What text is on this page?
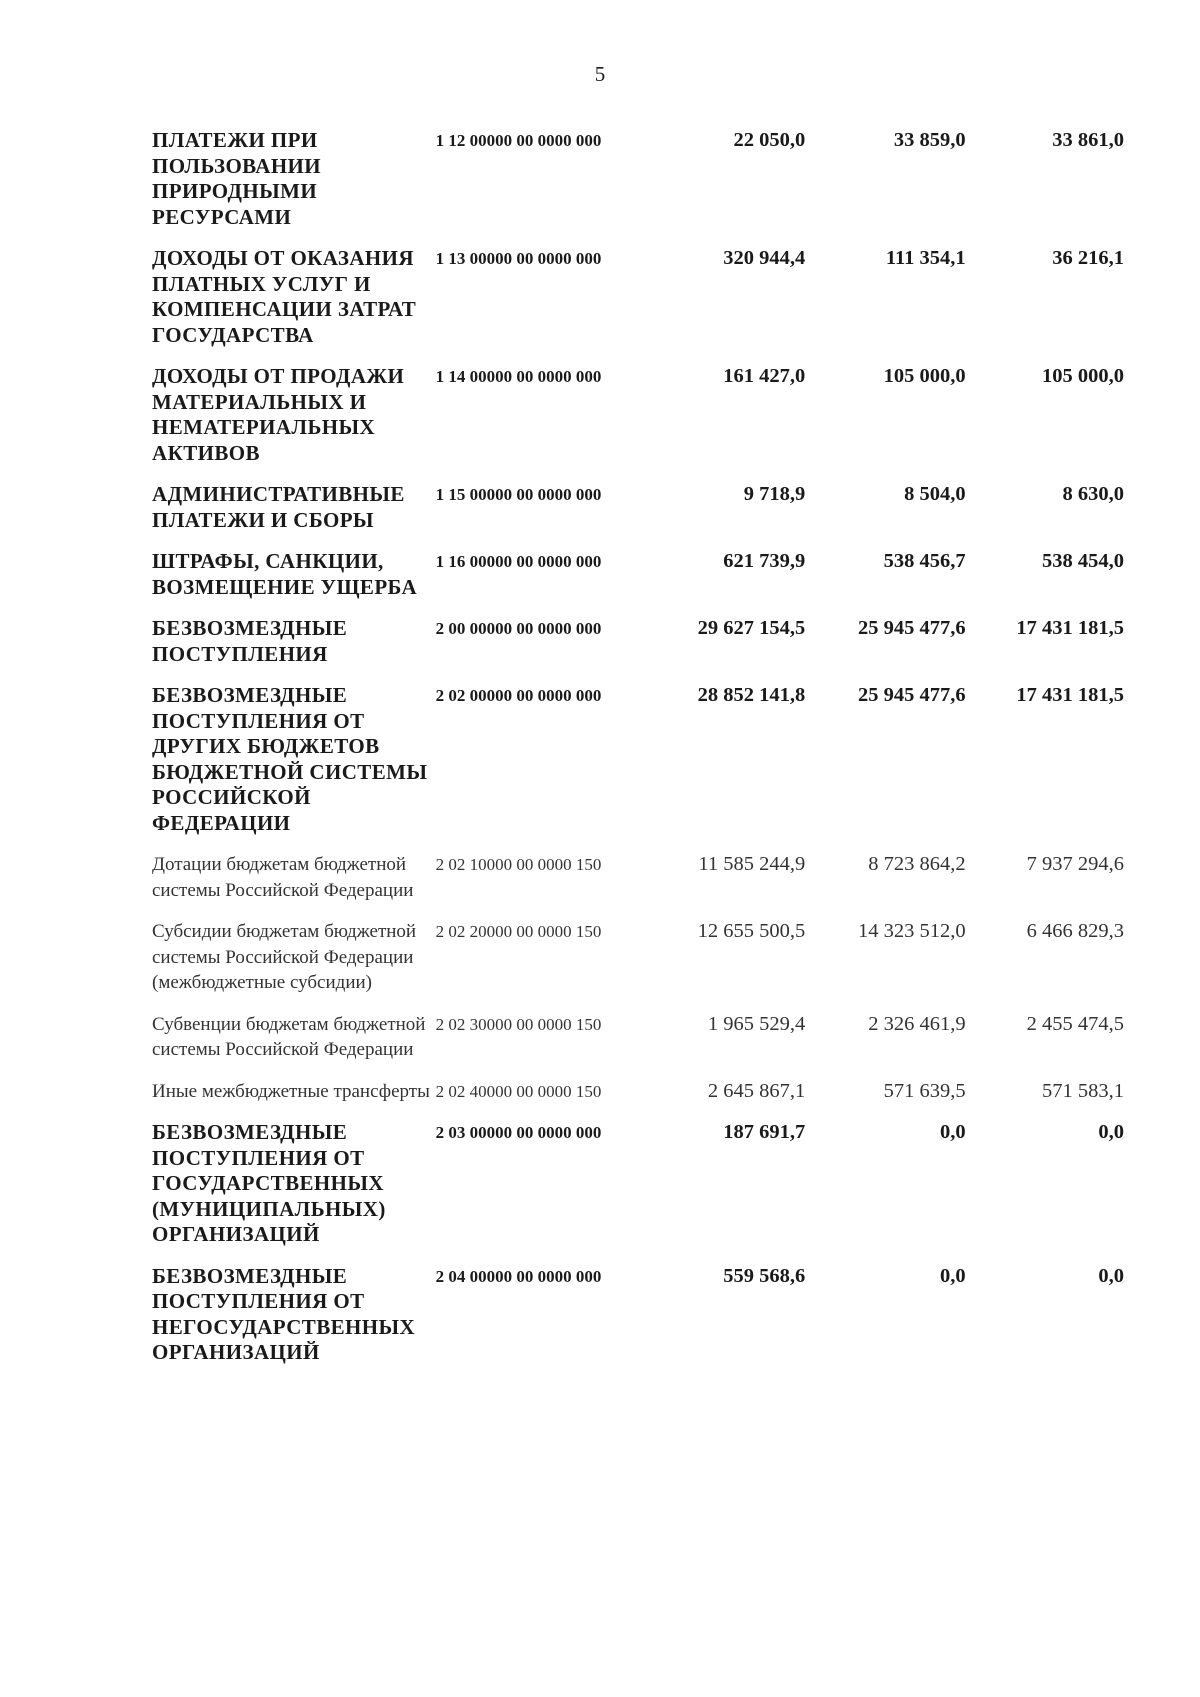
5
ПЛАТЕЖИ ПРИ ПОЛЬЗОВАНИИ ПРИРОДНЫМИ РЕСУРСАМИ
1 12 00000 00 0000 000	22 050,0	33 859,0	33 861,0
ДОХОДЫ ОТ ОКАЗАНИЯ ПЛАТНЫХ УСЛУГ И КОМПЕНСАЦИИ ЗАТРАТ ГОСУДАРСТВА
1 13 00000 00 0000 000	320 944,4	111 354,1	36 216,1
ДОХОДЫ ОТ ПРОДАЖИ МАТЕРИАЛЬНЫХ И НЕМАТЕРИАЛЬНЫХ АКТИВОВ
1 14 00000 00 0000 000	161 427,0	105 000,0	105 000,0
АДМИНИСТРАТИВНЫЕ ПЛАТЕЖИ И СБОРЫ
1 15 00000 00 0000 000	9 718,9	8 504,0	8 630,0
ШТРАФЫ, САНКЦИИ, ВОЗМЕЩЕНИЕ УЩЕРБА
1 16 00000 00 0000 000	621 739,9	538 456,7	538 454,0
БЕЗВОЗМЕЗДНЫЕ ПОСТУПЛЕНИЯ
2 00 00000 00 0000 000	29 627 154,5	25 945 477,6	17 431 181,5
БЕЗВОЗМЕЗДНЫЕ ПОСТУПЛЕНИЯ ОТ ДРУГИХ БЮДЖЕТОВ БЮДЖЕТНОЙ СИСТЕМЫ РОССИЙСКОЙ ФЕДЕРАЦИИ
2 02 00000 00 0000 000	28 852 141,8	25 945 477,6	17 431 181,5
Дотации бюджетам бюджетной системы Российской Федерации
2 02 10000 00 0000 150	11 585 244,9	8 723 864,2	7 937 294,6
Субсидии бюджетам бюджетной системы Российской Федерации (межбюджетные субсидии)
2 02 20000 00 0000 150	12 655 500,5	14 323 512,0	6 466 829,3
Субвенции бюджетам бюджетной системы Российской Федерации
2 02 30000 00 0000 150	1 965 529,4	2 326 461,9	2 455 474,5
Иные межбюджетные трансферты 2 02 40000 00 0000 150	2 645 867,1	571 639,5	571 583,1
БЕЗВОЗМЕЗДНЫЕ ПОСТУПЛЕНИЯ ОТ ГОСУДАРСТВЕННЫХ (МУНИЦИПАЛЬНЫХ) ОРГАНИЗАЦИЙ
2 03 00000 00 0000 000	187 691,7	0,0	0,0
БЕЗВОЗМЕЗДНЫЕ ПОСТУПЛЕНИЯ ОТ НЕГОСУДАРСТВЕННЫХ ОРГАНИЗАЦИЙ
2 04 00000 00 0000 000	559 568,6	0,0	0,0
